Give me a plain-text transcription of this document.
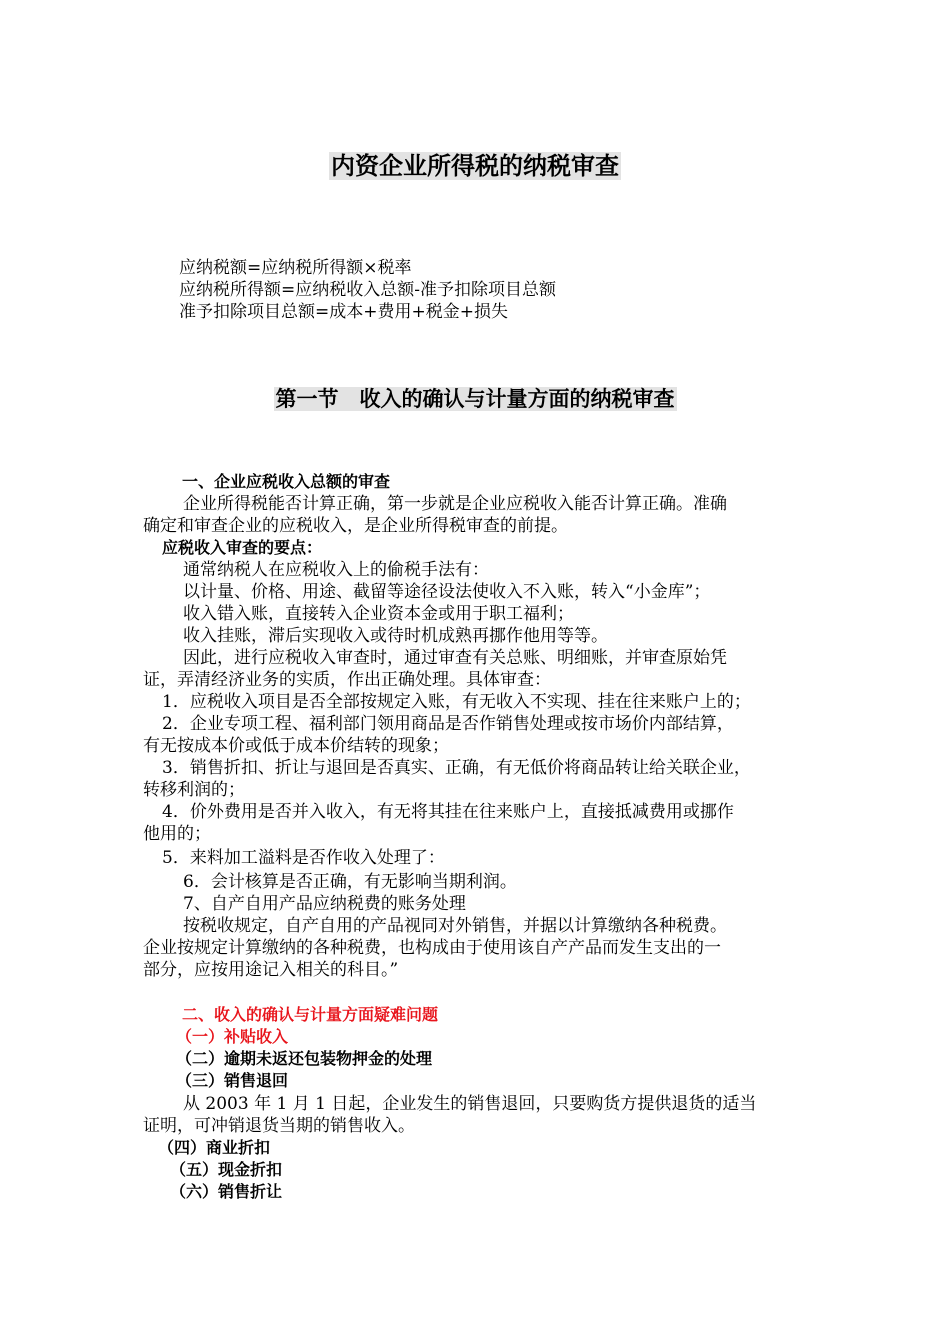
内资企业所得税的纳税审查
应纳税额=应纳税所得额×税率
应纳税所得额=应纳税收入总额-准予扣除项目总额
准予扣除项目总额=成本+费用+税金+损失
第一节　收入的确认与计量方面的纳税审查
一、企业应税收入总额的审查
企业所得税能否计算正确，第一步就是企业应税收入能否计算正确。准确
确定和审查企业的应税收入，是企业所得税审查的前提。
应税收入审查的要点：
通常纳税人在应税收入上的偷税手法有：
以计量、价格、用途、截留等途径设法使收入不入账，转入“小金库”；
收入错入账，直接转入企业资本金或用于职工福利；
收入挂账，滞后实现收入或待时机成熟再挪作他用等等。
因此，进行应税收入审查时，通过审查有关总账、明细账，并审查原始凭
证，弄清经济业务的实质，作出正确处理。具体审查：
1．应税收入项目是否全部按规定入账，有无收入不实现、挂在往来账户上的；
2．企业专项工程、福利部门领用商品是否作销售处理或按市场价内部结算，
有无按成本价或低于成本价结转的现象；
3．销售折扣、折让与退回是否真实、正确，有无低价将商品转让给关联企业，
转移利润的；
4．价外费用是否并入收入，有无将其挂在往来账户上，直接抵减费用或挪作
他用的；
5．来料加工溢料是否作收入处理了：
6．会计核算是否正确，有无影响当期利润。
7、自产自用产品应纳税费的账务处理
按税收规定，自产自用的产品视同对外销售，并据以计算缴纳各种税费。
企业按规定计算缴纳的各种税费，也构成由于使用该自产产品而发生支出的一
部分，应按用途记入相关的科目。”
二、收入的确认与计量方面疑难问题
（一）补贴收入
（二）逾期未返还包装物押金的处理
（三）销售退回
从 2003 年 1 月 1 日起，企业发生的销售退回，只要购货方提供退货的适当
证明，可冲销退货当期的销售收入。
（四）商业折扣
（五）现金折扣
（六）销售折让
